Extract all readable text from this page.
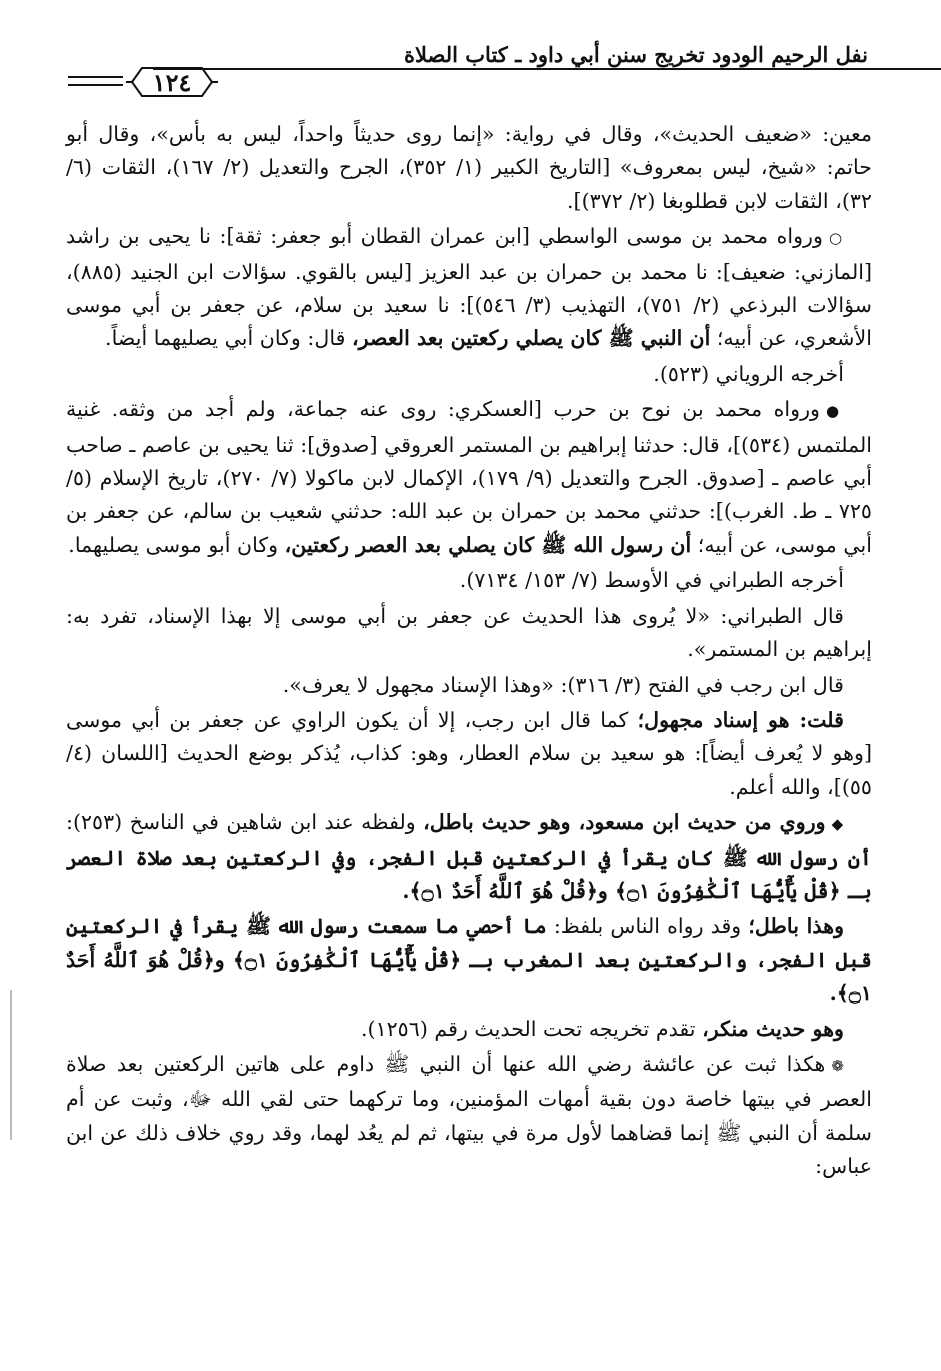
نفل الرحيم الودود تخريج سنن أبي داود ـ كتاب الصلاة
١٢٤

معين: «ضعيف الحديث»، وقال في رواية: «إنما روى حديثاً واحداً، ليس به بأس»، وقال أبو حاتم: «شيخ، ليس بمعروف» [التاريخ الكبير (١/ ٣٥٢)، الجرح والتعديل (٢/ ١٦٧)، الثقات (٦/ ٣٢)، الثقات لابن قطلوبغا (٢/ ٣٧٢)].

○ورواه محمد بن موسى الواسطي [ابن عمران القطان أبو جعفر: ثقة]: نا يحيى بن راشد [المازني: ضعيف]: نا محمد بن حمران بن عبد العزيز [ليس بالقوي. سؤالات ابن الجنيد (٨٨٥)، سؤالات البرذعي (٢/ ٧٥١)، التهذيب (٣/ ٥٤٦)]: نا سعيد بن سلام، عن جعفر بن أبي موسى الأشعري، عن أبيه؛ أن النبي ﷺ كان يصلي ركعتين بعد العصر، قال: وكان أبي يصليهما أيضاً.

أخرجه الروياني (٥٢٣).

●ورواه محمد بن نوح بن حرب [العسكري: روى عنه جماعة، ولم أجد من وثقه. غنية الملتمس (٥٣٤)]، قال: حدثنا إبراهيم بن المستمر العروقي [صدوق]: ثنا يحيى بن عاصم ـ صاحب أبي عاصم ـ [صدوق. الجرح والتعديل (٩/ ١٧٩)، الإكمال لابن ماكولا (٧/ ٢٧٠)، تاريخ الإسلام (٥/ ٧٢٥ ـ ط. الغرب)]: حدثني محمد بن حمران بن عبد الله: حدثني شعيب بن سالم، عن جعفر بن أبي موسى، عن أبيه؛ أن رسول الله ﷺ كان يصلي بعد العصر ركعتين، وكان أبو موسى يصليهما.

أخرجه الطبراني في الأوسط (٧/ ١٥٣/ ٧١٣٤).

قال الطبراني: «لا يُروى هذا الحديث عن جعفر بن أبي موسى إلا بهذا الإسناد، تفرد به: إبراهيم بن المستمر».

قال ابن رجب في الفتح (٣/ ٣١٦): «وهذا الإسناد مجهول لا يعرف».

قلت: هو إسناد مجهول؛ كما قال ابن رجب، إلا أن يكون الراوي عن جعفر بن أبي موسى [وهو لا يُعرف أيضاً]: هو سعيد بن سلام العطار، وهو: كذاب، يُذكر بوضع الحديث [اللسان (٤/ ٥٥)]، والله أعلم.

◆وروي من حديث ابن مسعود، وهو حديث باطل، ولفظه عند ابن شاهين في الناسخ (٢٥٣): أن رسول الله ﷺ كان يقرأ في الركعتين قبل الفجر، وفي الركعتين بعد صلاة العصر بـ ﴿قُلْ يَٰٓأَيُّهَا ٱلْكَٰفِرُونَ ۝١﴾ و﴿قُلْ هُوَ ٱللَّهُ أَحَدٌ ۝١﴾.

وهذا باطل؛ وقد رواه الناس بلفظ: ما أحصي ما سمعت رسول الله ﷺ يقرأ في الركعتين قبل الفجر، والركعتين بعد المغرب بـ ﴿قُلْ يَٰٓأَيُّهَا ٱلْكَٰفِرُونَ ۝١﴾ و﴿قُلْ هُوَ ٱللَّهُ أَحَدٌ ۝١﴾.

وهو حديث منكر، تقدم تخريجه تحت الحديث رقم (١٢٥٦).

❁هكذا ثبت عن عائشة رضي الله عنها أن النبي ﷺ داوم على هاتين الركعتين بعد صلاة العصر في بيتها خاصة دون بقية أمهات المؤمنين، وما تركهما حتى لقي الله ﷻ، وثبت عن أم سلمة أن النبي ﷺ إنما قضاهما لأول مرة في بيتها، ثم لم يعُد لهما، وقد روي خلاف ذلك عن ابن عباس:
